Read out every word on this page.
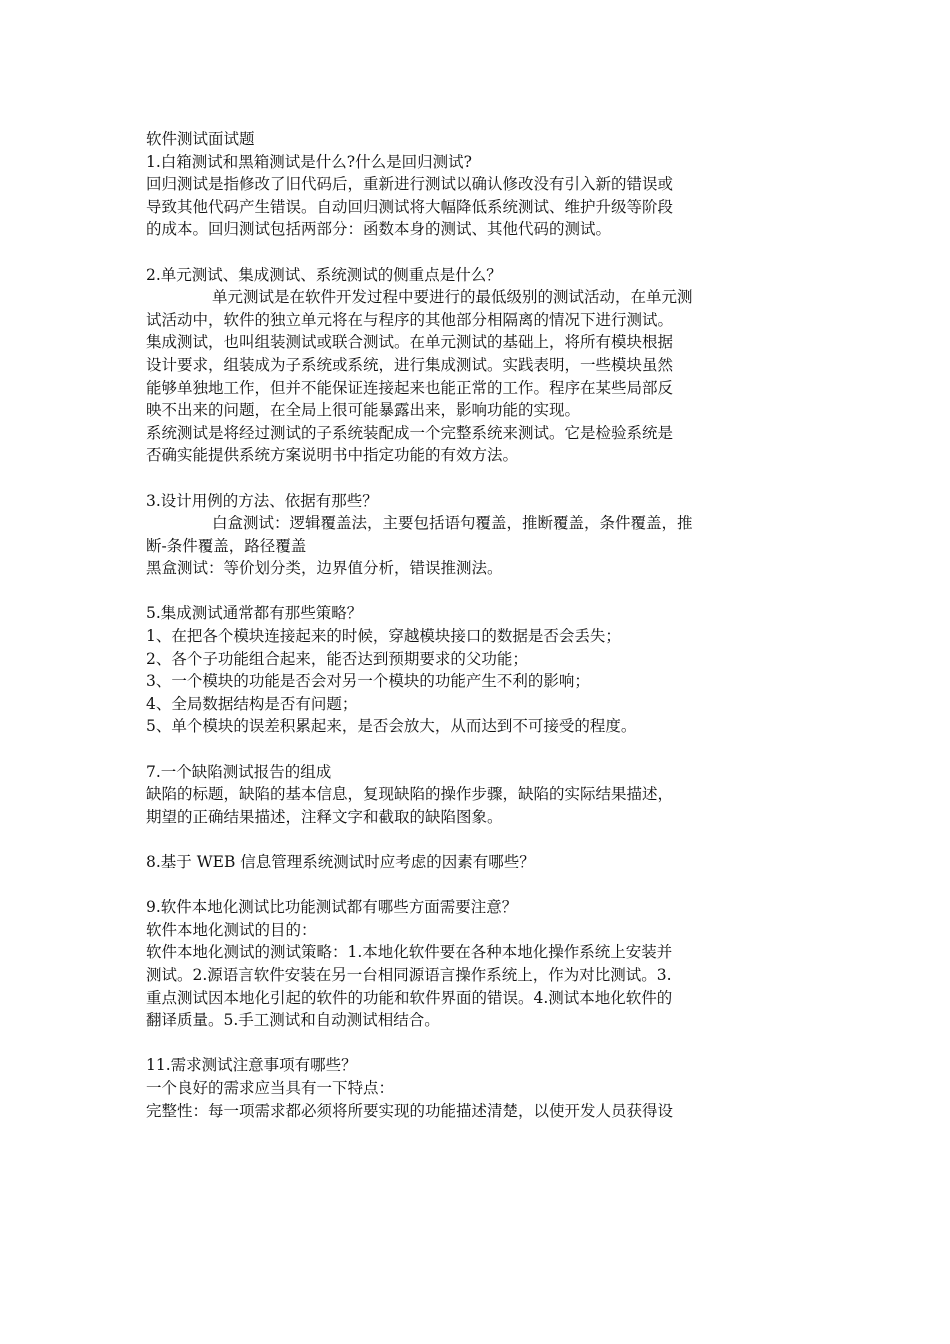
软件测试面试题
1.白箱测试和黑箱测试是什么?什么是回归测试?
回归测试是指修改了旧代码后，重新进行测试以确认修改没有引入新的错误或
导致其他代码产生错误。自动回归测试将大幅降低系统测试、维护升级等阶段
的成本。回归测试包括两部分：函数本身的测试、其他代码的测试。
2.单元测试、集成测试、系统测试的侧重点是什么？
单元测试是在软件开发过程中要进行的最低级别的测试活动，在单元测
试活动中，软件的独立单元将在与程序的其他部分相隔离的情况下进行测试。
集成测试，也叫组装测试或联合测试。在单元测试的基础上，将所有模块根据
设计要求，组装成为子系统或系统，进行集成测试。实践表明，一些模块虽然
能够单独地工作，但并不能保证连接起来也能正常的工作。程序在某些局部反
映不出来的问题，在全局上很可能暴露出来，影响功能的实现。
系统测试是将经过测试的子系统装配成一个完整系统来测试。它是检验系统是
否确实能提供系统方案说明书中指定功能的有效方法。
3.设计用例的方法、依据有那些？
白盒测试：逻辑覆盖法，主要包括语句覆盖，推断覆盖，条件覆盖，推
断-条件覆盖，路径覆盖
黑盒测试：等价划分类，边界值分析，错误推测法。
5.集成测试通常都有那些策略？
1、在把各个模块连接起来的时候，穿越模块接口的数据是否会丢失；
2、各个子功能组合起来，能否达到预期要求的父功能；
3、一个模块的功能是否会对另一个模块的功能产生不利的影响；
4、全局数据结构是否有问题；
5、单个模块的误差积累起来，是否会放大，从而达到不可接受的程度。
7.一个缺陷测试报告的组成
缺陷的标题，缺陷的基本信息，复现缺陷的操作步骤，缺陷的实际结果描述，
期望的正确结果描述，注释文字和截取的缺陷图象。
8.基于 WEB 信息管理系统测试时应考虑的因素有哪些？
9.软件本地化测试比功能测试都有哪些方面需要注意？
软件本地化测试的目的：
软件本地化测试的测试策略：1.本地化软件要在各种本地化操作系统上安装并
测试。2.源语言软件安装在另一台相同源语言操作系统上，作为对比测试。3.
重点测试因本地化引起的软件的功能和软件界面的错误。4.测试本地化软件的
翻译质量。5.手工测试和自动测试相结合。
11.需求测试注意事项有哪些？
一个良好的需求应当具有一下特点：
完整性：每一项需求都必须将所要实现的功能描述清楚，以使开发人员获得设
